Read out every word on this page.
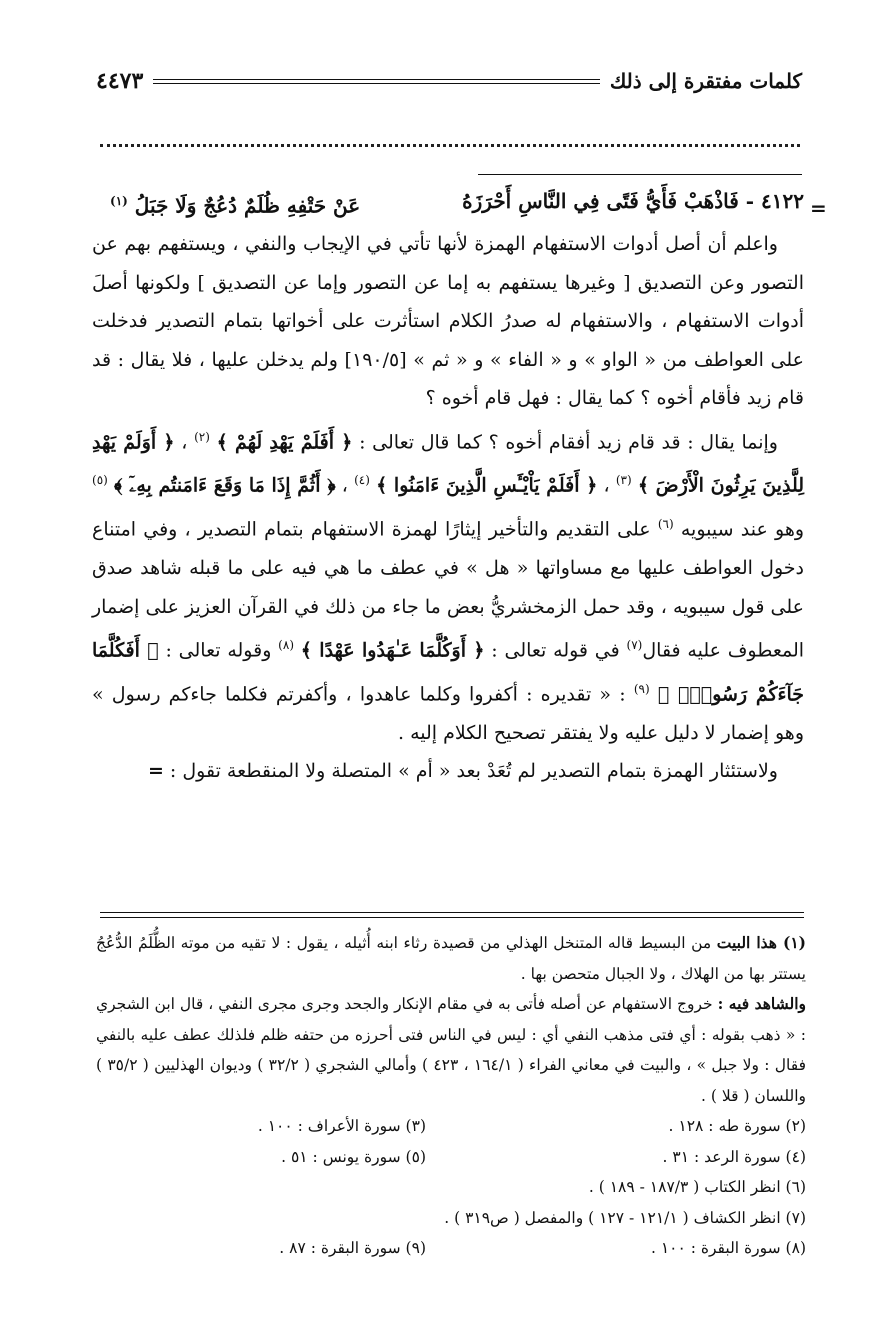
كلمات مفتقرة إلى ذلك
٤٤٧٣
=
٤١٢٢ - فَاذْهَبْ فَأَيُّ فَتًى فِي النَّاسِ أَحْرَزَهُ
عَنْ حَتْفِهِ ظُلَمٌ دُعُجٌ وَلَا جَبَلُ $^{(١)}$

واعلم أن أصل أدوات الاستفهام الهمزة لأنها تأتي في الإيجاب والنفي ، ويستفهم بهم عن التصور وعن التصديق [ وغيرها يستفهم به إما عن التصور وإما عن التصديق ] ولكونها أصلَ أدوات الاستفهام ، والاستفهام له صدرُ الكلام استأثرت على أخواتها بتمام التصدير فدخلت على العواطف من « الواو » و « الفاء » و « ثم » [١٩٠/٥] ولم يدخلن عليها ، فلا يقال : قد قام زيد فأقام أخوه ؟ كما يقال : فهل قام أخوه ؟

وإنما يقال : قد قام زيد أفقام أخوه ؟ كما قال تعالى : ﴿ أَفَلَمْ يَهْدِ لَهُمْ ﴾ $^{(٢)}$ ، ﴿ أَوَلَمْ يَهْدِ لِلَّذِينَ يَرِثُونَ الْأَرْضَ ﴾ $^{(٣)}$ ، ﴿ أَفَلَمْ يَاْيْـَٔسِ الَّذِينَ ءَامَنُوا ﴾ $^{(٤)}$ ، ﴿ أَثُمَّ إِذَا مَا وَقَعَ ءَامَنتُم بِهِۦٓ ﴾ $^{(٥)}$ وهو عند سيبويه $^{(٦)}$ على التقديم والتأخير إيثارًا لهمزة الاستفهام بتمام التصدير ، وفي امتناع دخول العواطف عليها مع مساواتها « هل » في عطف ما هي فيه على ما قبله شاهد صدق على قول سيبويه ، وقد حمل الزمخشريُّ بعض ما جاء من ذلك في القرآن العزيز على إضمار المعطوف عليه فقال$^{(٧)}$ في قوله تعالى : ﴿ أَوَكُلَّمَا عَـٰهَدُوا عَهْدًا ﴾ $^{(٨)}$ وقوله تعالى : ﴿ أَفَكُلَّمَا جَآءَكُمْ رَسُولٌۢ ﴾ $^{(٩)}$ : « تقديره : أكفروا وكلما عاهدوا ، وأكفرتم فكلما جاءكم رسول » وهو إضمار لا دليل عليه ولا يفتقر تصحيح الكلام إليه .

ولاستئثار الهمزة بتمام التصدير لم تُعَدْ بعد « أم » المتصلة ولا المنقطعة تقول : =

(١) هذا البيت من البسيط قاله المتنخل الهذلي من قصيدة رثاء ابنه أُثيله ، يقول : لا تقيه من موته الظُّلَمُ الدُّعُجُ يستتر بها من الهلاك ، ولا الجبال متحصن بها .

والشاهد فيه : خروج الاستفهام عن أصله فأتى به في مقام الإنكار والجحد وجرى مجرى النفي ، قال ابن الشجري : « ذهب بقوله : أي فتى مذهب النفي أي : ليس في الناس فتى أحرزه من حتفه ظلم فلذلك عطف عليه بالنفي فقال : ولا جبل » ، والبيت في معاني الفراء ( ١٦٤/١ ، ٤٢٣ ) وأمالي الشجري ( ٣٢/٢ ) وديوان الهذليين ( ٣٥/٢ ) واللسان ( قلا ) .

(٢) سورة طه : ١٢٨ .
(٣) سورة الأعراف : ١٠٠ .
(٤) سورة الرعد : ٣١ .
(٥) سورة يونس : ٥١ .

(٦) انظر الكتاب ( ١٨٧/٣ - ١٨٩ ) .

(٧) انظر الكشاف ( ١٢١/١ - ١٢٧ ) والمفصل ( ص٣١٩ ) .

(٨) سورة البقرة : ١٠٠ .
(٩) سورة البقرة : ٨٧ .
